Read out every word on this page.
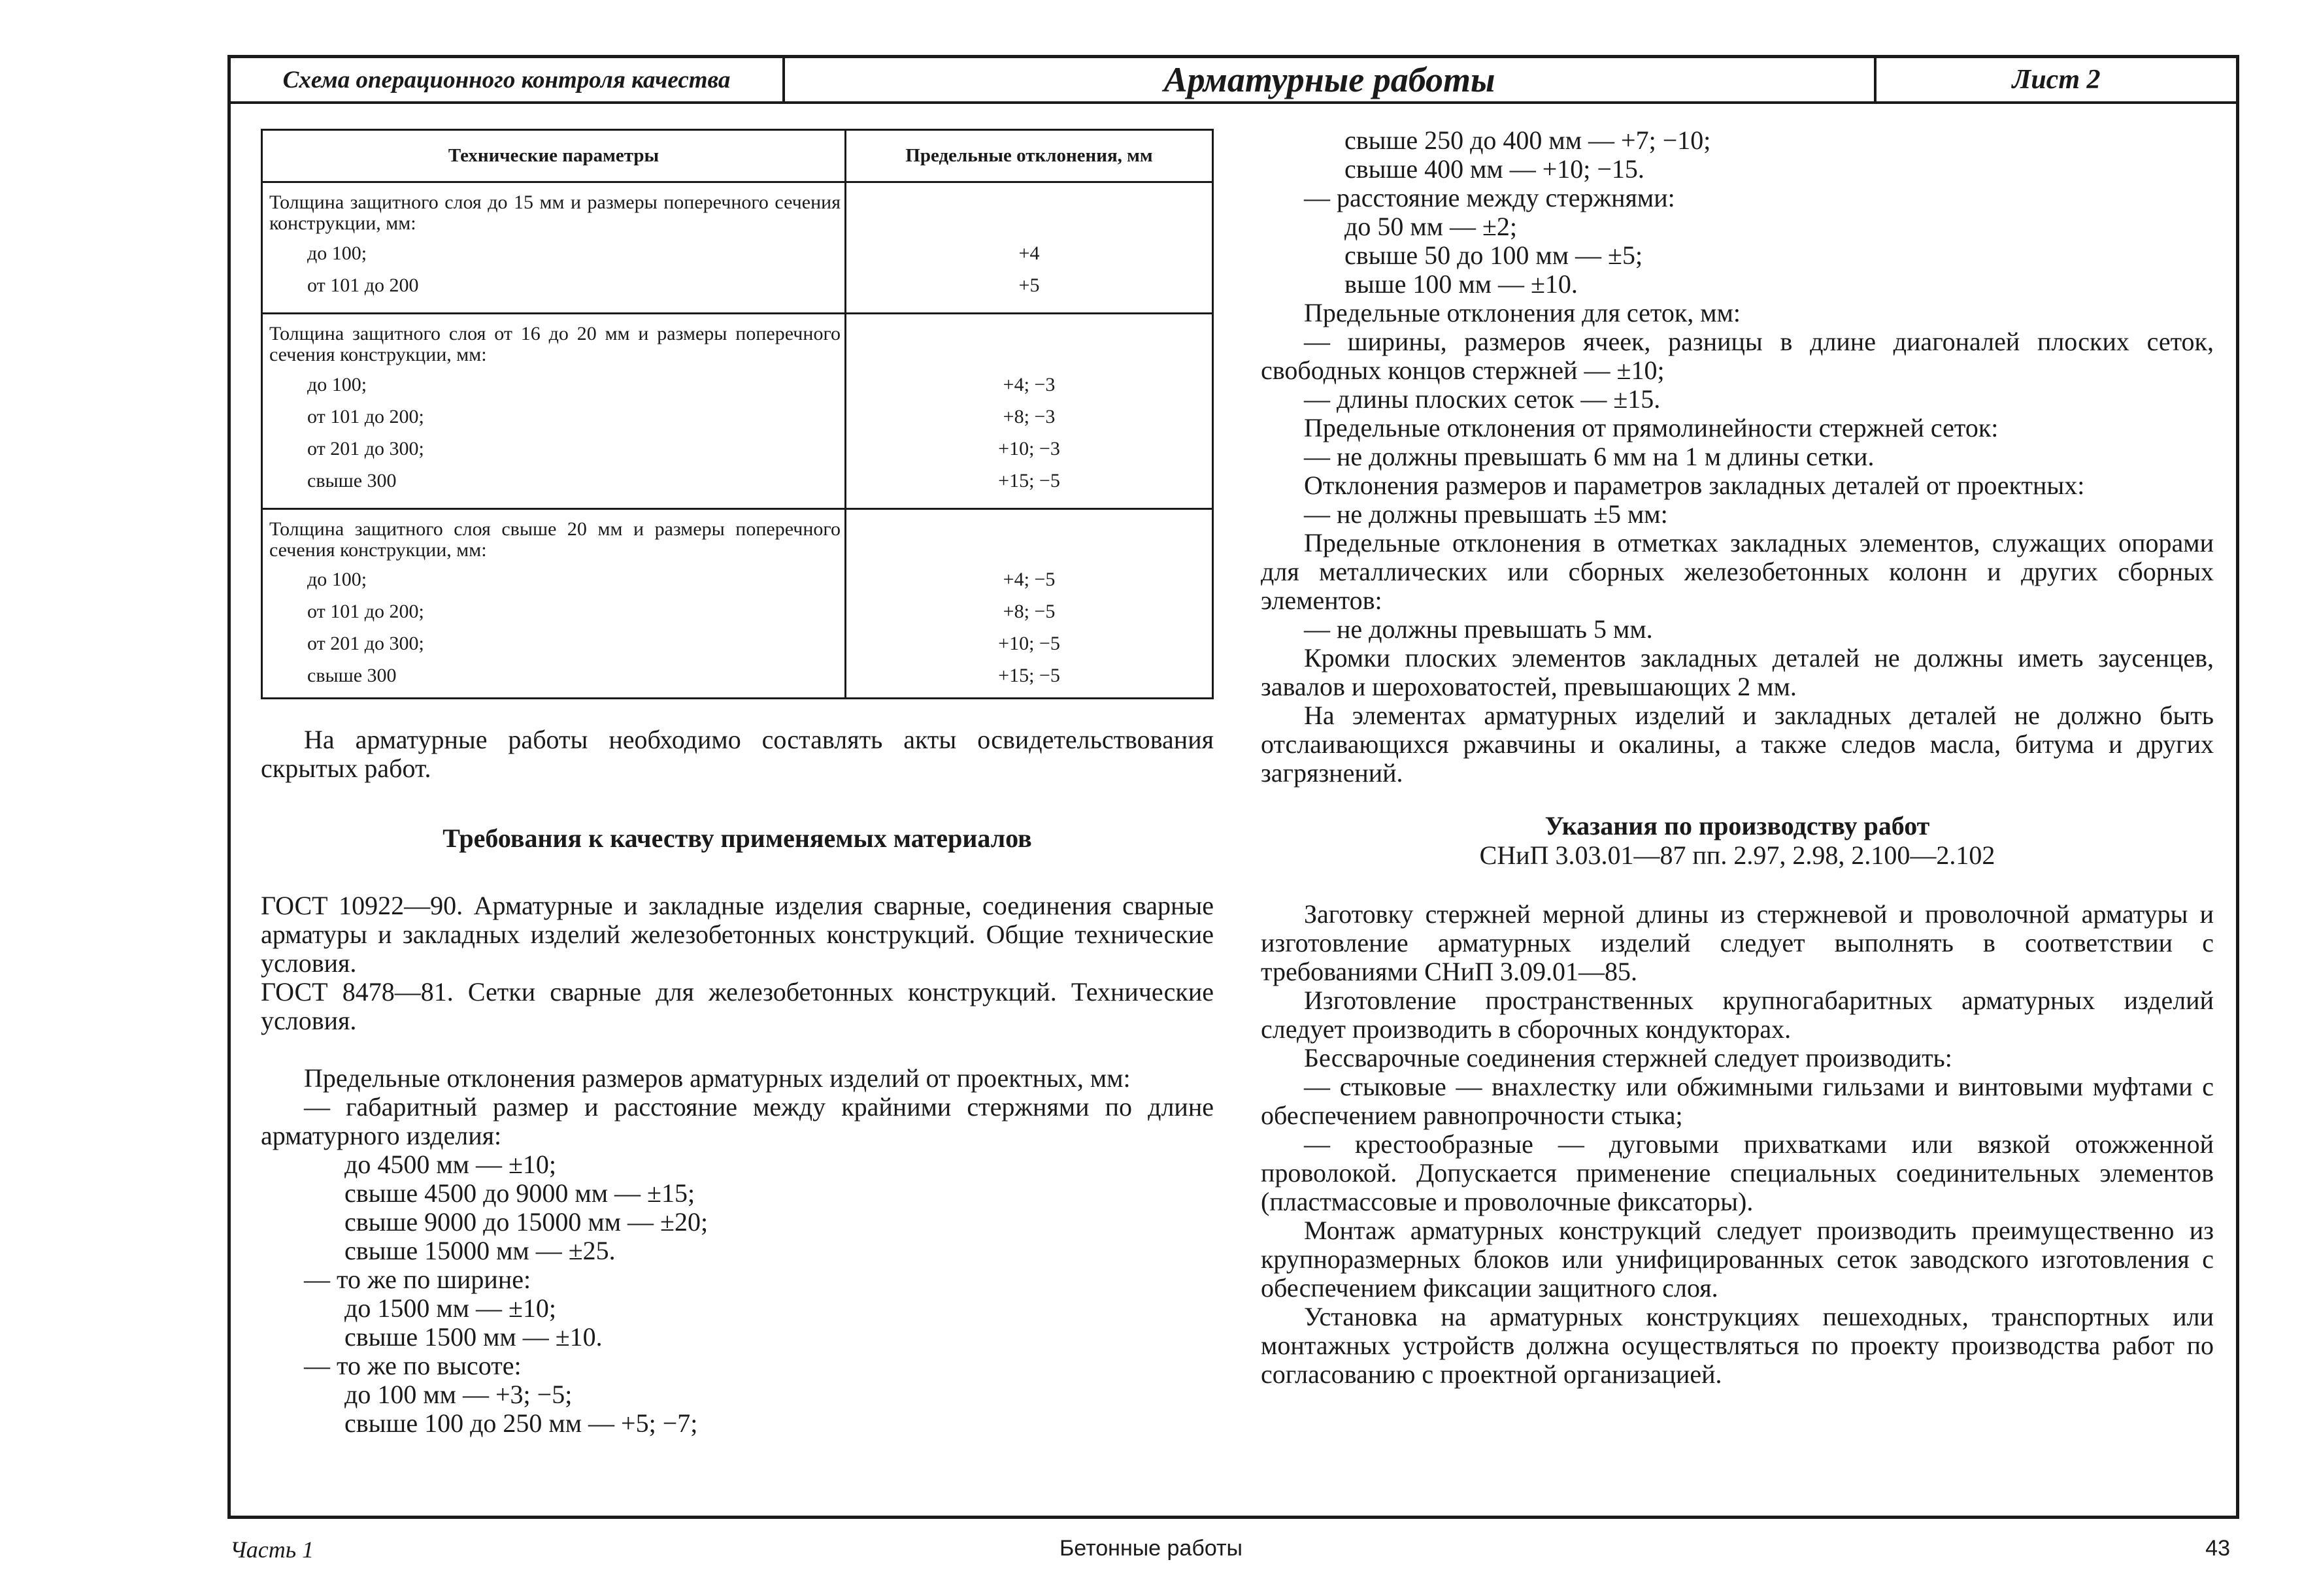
Схема операционного контроля качества	Арматурные работы	Лист 2
Технические параметры	Предельные отклонения, мм

Толщина защитного слоя до 15 мм и размеры поперечного сечения конструкции, мм:	

до 100;	+4

от 101 до 200	+5

Толщина защитного слоя от 16 до 20 мм и размеры поперечного сечения конструкции, мм:	

до 100;	+4; −3

от 101 до 200;	+8; −3

от 201 до 300;	+10; −3

свыше 300	+15; −5

Толщина защитного слоя свыше 20 мм и размеры поперечного сечения конструкции, мм:	

до 100;	+4; −5

от 101 до 200;	+8; −5

от 201 до 300;	+10; −5

свыше 300	+15; −5

На арматурные работы необходимо составлять акты освидетельствования скрытых работ.

Требования к качеству применяемых материалов

ГОСТ 10922—90. Арматурные и закладные изделия сварные, соединения сварные арматуры и закладных изделий железобетонных конструкций. Общие технические условия.

ГОСТ 8478—81. Сетки сварные для железобетонных конструкций. Технические условия.

Предельные отклонения размеров арматурных изделий от проектных, мм:

— габаритный размер и расстояние между крайними стержнями по длине арматурного изделия:

до 4500 мм — ±10;

свыше 4500 до 9000 мм — ±15;

свыше 9000 до 15000 мм — ±20;

свыше 15000 мм — ±25.

— то же по ширине:

до 1500 мм — ±10;

свыше 1500 мм — ±10.

— то же по высоте:

до 100 мм — +3; −5;

свыше 100 до 250 мм — +5; −7;

свыше 250 до 400 мм — +7; −10;

свыше 400 мм — +10; −15.

— расстояние между стержнями:

до 50 мм — ±2;

свыше 50 до 100 мм — ±5;

выше 100 мм — ±10.

Предельные отклонения для сеток, мм:

— ширины, размеров ячеек, разницы в длине диагоналей плоских сеток, свободных концов стержней — ±10;

— длины плоских сеток — ±15.

Предельные отклонения от прямолинейности стержней сеток:

— не должны превышать 6 мм на 1 м длины сетки.

Отклонения размеров и параметров закладных деталей от проектных:

— не должны превышать ±5 мм:

Предельные отклонения в отметках закладных элементов, служащих опорами для металлических или сборных железобетонных колонн и других сборных элементов:

— не должны превышать 5 мм.

Кромки плоских элементов закладных деталей не должны иметь заусенцев, завалов и шероховатостей, превышающих 2 мм.

На элементах арматурных изделий и закладных деталей не должно быть отслаивающихся ржавчины и окалины, а также следов масла, битума и других загрязнений.

Указания по производству работ

СНиП 3.03.01—87 пп. 2.97, 2.98, 2.100—2.102

Заготовку стержней мерной длины из стержневой и проволочной арматуры и изготовление арматурных изделий следует выполнять в соответствии с требованиями СНиП 3.09.01—85.

Изготовление пространственных крупногабаритных арматурных изделий следует производить в сборочных кондукторах.

Бессварочные соединения стержней следует производить:

— стыковые — внахлестку или обжимными гильзами и винтовыми муфтами с обеспечением равнопрочности стыка;

— крестообразные — дуговыми прихватками или вязкой отожженной проволокой. Допускается применение специальных соединительных элементов (пластмассовые и проволочные фиксаторы).

Монтаж арматурных конструкций следует производить преимущественно из крупноразмерных блоков или унифицированных сеток заводского изготовления с обеспечением фиксации защитного слоя.

Установка на арматурных конструкциях пешеходных, транспортных или монтажных устройств должна осуществляться по проекту производства работ по согласованию с проектной организацией.

Часть 1	Бетонные работы	43
